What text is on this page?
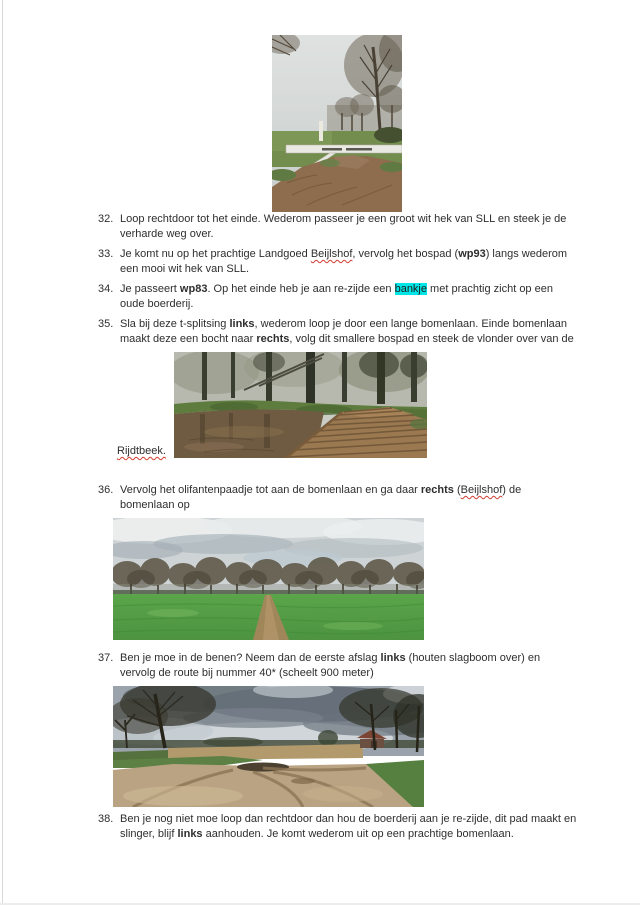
32. Loop rechtdoor tot het einde. Wederom passeer je een groot wit hek van SLL en steek je de verharde weg over.

33. Je komt nu op het prachtige Landgoed Beijlshof, vervolg het bospad (wp93) langs wederom een mooi wit hek van SLL.

34. Je passeert wp83. Op het einde heb je aan re-zijde een bankje met prachtig zicht op een oude boerderij.

35. Sla bij deze t-splitsing links, wederom loop je door een lange bomenlaan. Einde bomenlaan maakt deze een bocht naar rechts, volg dit smallere bospad en steek de vlonder over van de

Rijdtbeek.
36. Vervolg het olifantenpaadje tot aan de bomenlaan en ga daar rechts (Beijlshof) de bomenlaan op

37. Ben je moe in de benen? Neem dan de eerste afslag links (houten slagboom over) en vervolg de route bij nummer 40* (scheelt 900 meter)

38. Ben je nog niet moe loop dan rechtdoor dan hou de boerderij aan je re-zijde, dit pad maakt en slinger, blijf links aanhouden. Je komt wederom uit op een prachtige bomenlaan.
